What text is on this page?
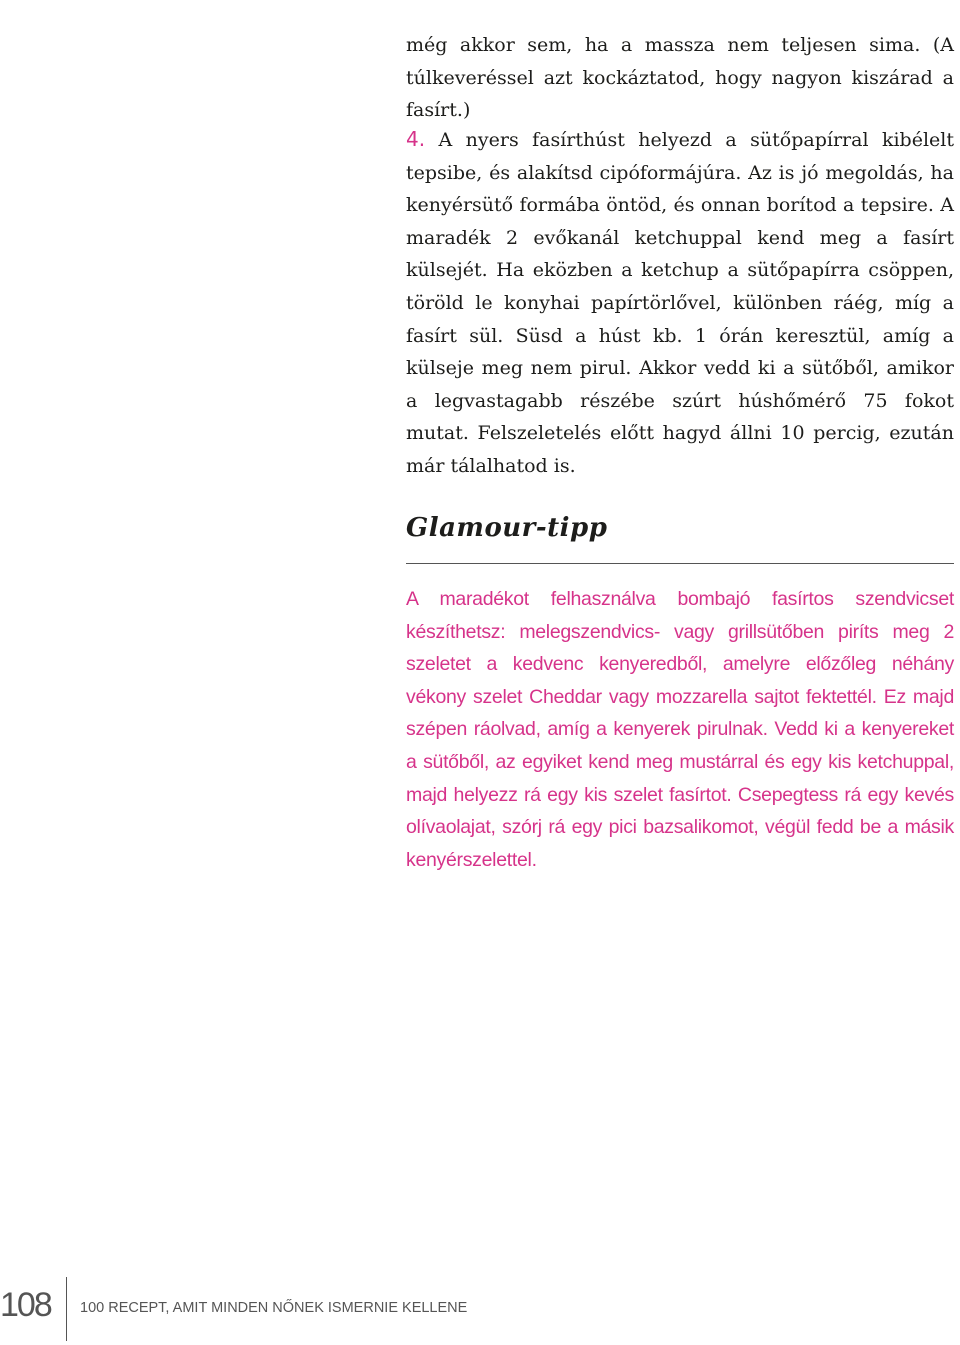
még akkor sem, ha a massza nem teljesen sima. (A túlkeveréssel azt kockáztatod, hogy nagyon kiszárad a fasírt.)

4. A nyers fasírthúst helyezd a sütőpapírral kibélelt tepsibe, és alakítsd cipóformájúra. Az is jó megoldás, ha kenyérsütő formába öntöd, és onnan borítod a tepsire. A maradék 2 evőkanál ketchuppal kend meg a fasírt külsejét. Ha eközben a ketchup a sütőpapírra csöppen, töröld le konyhai papírtörlővel, különben ráég, míg a fasírt sül. Süsd a húst kb. 1 órán keresztül, amíg a külseje meg nem pirul. Akkor vedd ki a sütőből, amikor a legvastagabb részébe szúrt húshőmérő 75 fokot mutat. Felszeletelés előtt hagyd állni 10 percig, ezután már tálalhatod is.

Glamour-tipp

A maradékot felhasználva bombajó fasírtos szendvicset készíthetsz: melegszendvics- vagy grillsütőben piríts meg 2 szeletet a kedvenc kenyeredből, amelyre előzőleg néhány vékony szelet Cheddar vagy mozzarella sajtot fektettél. Ez majd szépen ráolvad, amíg a kenyerek pirulnak. Vedd ki a kenyereket a sütőből, az egyiket kend meg mustárral és egy kis ketchuppal, majd helyezz rá egy kis szelet fasírtot. Csepegtess rá egy kevés olívaolajat, szórj rá egy pici bazsalikomot, végül fedd be a másik kenyérszelettel.

108 100 RECEPT, AMIT MINDEN NŐNEK ISMERNIE KELLENE
